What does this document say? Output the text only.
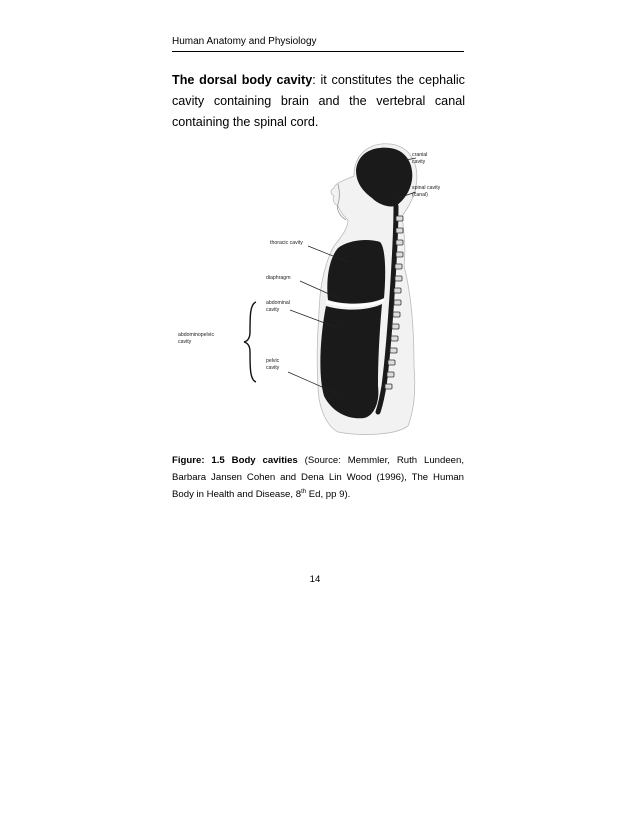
Human Anatomy and Physiology
The dorsal body cavity: it constitutes the cephalic cavity containing brain and the vertebral canal containing the spinal cord.
cranial
cavity
spinal cavity
(canal)
thoracic cavity
diaphragm
abdominal
cavity
abdominopelvic
cavity
pelvic
cavity
Figure: 1.5 Body cavities (Source: Memmler, Ruth Lundeen, Barbara Jansen Cohen and Dena Lin Wood (1996), The Human Body in Health and Disease, 8th Ed, pp 9).
14
